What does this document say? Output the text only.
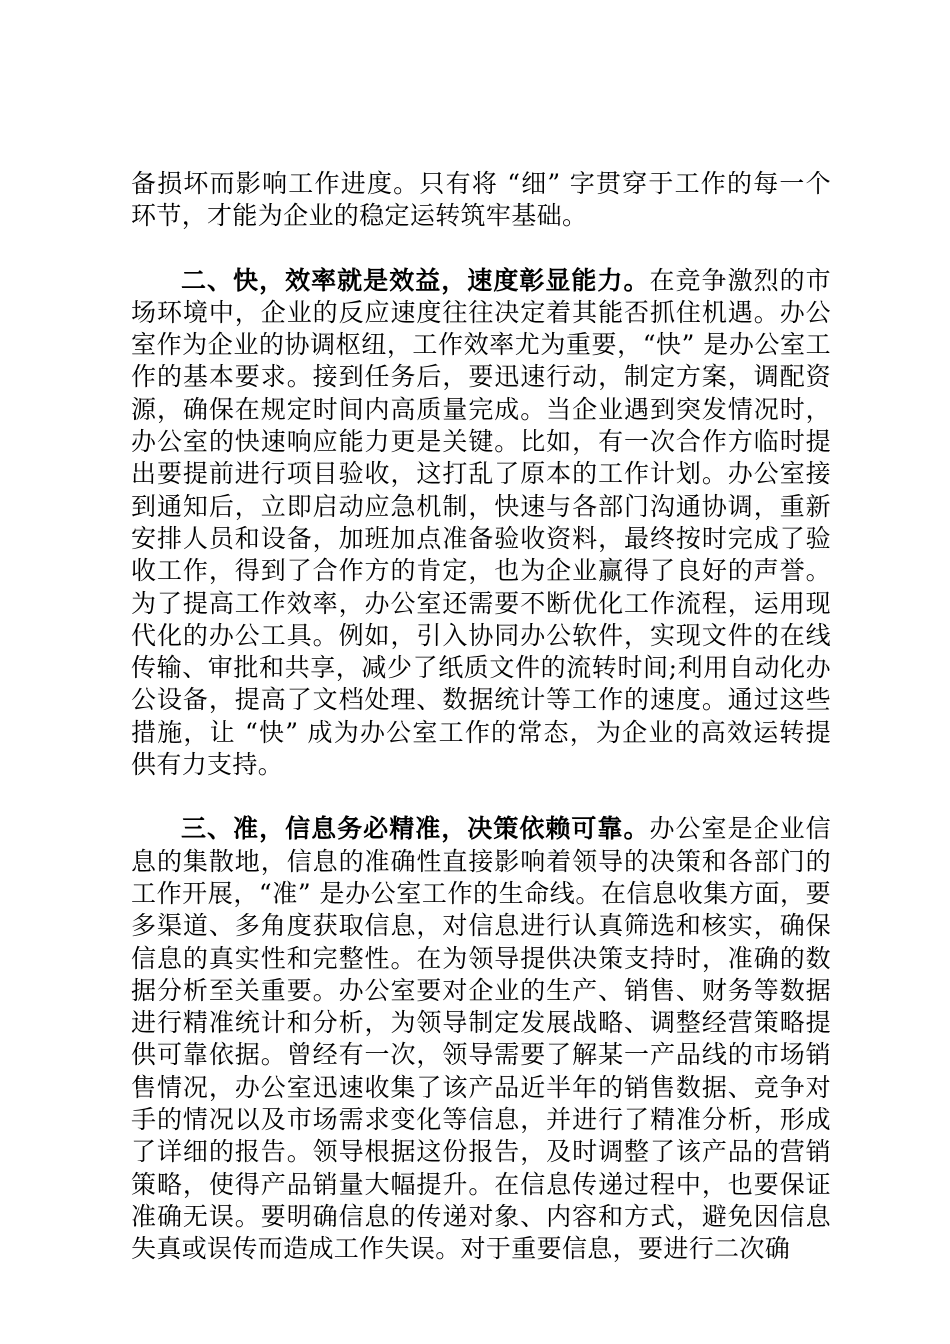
备损坏而影响工作进度。只有将 “细” 字贯穿于工作的每一个环节，才能为企业的稳定运转筑牢基础。

二、快，效率就是效益，速度彰显能力。在竞争激烈的市场环境中，企业的反应速度往往决定着其能否抓住机遇。办公室作为企业的协调枢纽，工作效率尤为重要，“快” 是办公室工作的基本要求。接到任务后，要迅速行动，制定方案，调配资源，确保在规定时间内高质量完成。当企业遇到突发情况时，办公室的快速响应能力更是关键。比如，有一次合作方临时提出要提前进行项目验收，这打乱了原本的工作计划。办公室接到通知后，立即启动应急机制，快速与各部门沟通协调，重新安排人员和设备，加班加点准备验收资料，最终按时完成了验收工作，得到了合作方的肯定，也为企业赢得了良好的声誉。为了提高工作效率，办公室还需要不断优化工作流程，运用现代化的办公工具。例如，引入协同办公软件，实现文件的在线传输、审批和共享，减少了纸质文件的流转时间;利用自动化办公设备，提高了文档处理、数据统计等工作的速度。通过这些措施，让 “快” 成为办公室工作的常态，为企业的高效运转提供有力支持。

三、准，信息务必精准，决策依赖可靠。办公室是企业信息的集散地，信息的准确性直接影响着领导的决策和各部门的工作开展，“准” 是办公室工作的生命线。在信息收集方面，要多渠道、多角度获取信息，对信息进行认真筛选和核实，确保信息的真实性和完整性。在为领导提供决策支持时，准确的数据分析至关重要。办公室要对企业的生产、销售、财务等数据进行精准统计和分析，为领导制定发展战略、调整经营策略提供可靠依据。曾经有一次，领导需要了解某一产品线的市场销售情况，办公室迅速收集了该产品近半年的销售数据、竞争对手的情况以及市场需求变化等信息，并进行了精准分析，形成了详细的报告。领导根据这份报告，及时调整了该产品的营销策略，使得产品销量大幅提升。在信息传递过程中，也要保证准确无误。要明确信息的传递对象、内容和方式，避免因信息失真或误传而造成工作失误。对于重要信息，要进行二次确
